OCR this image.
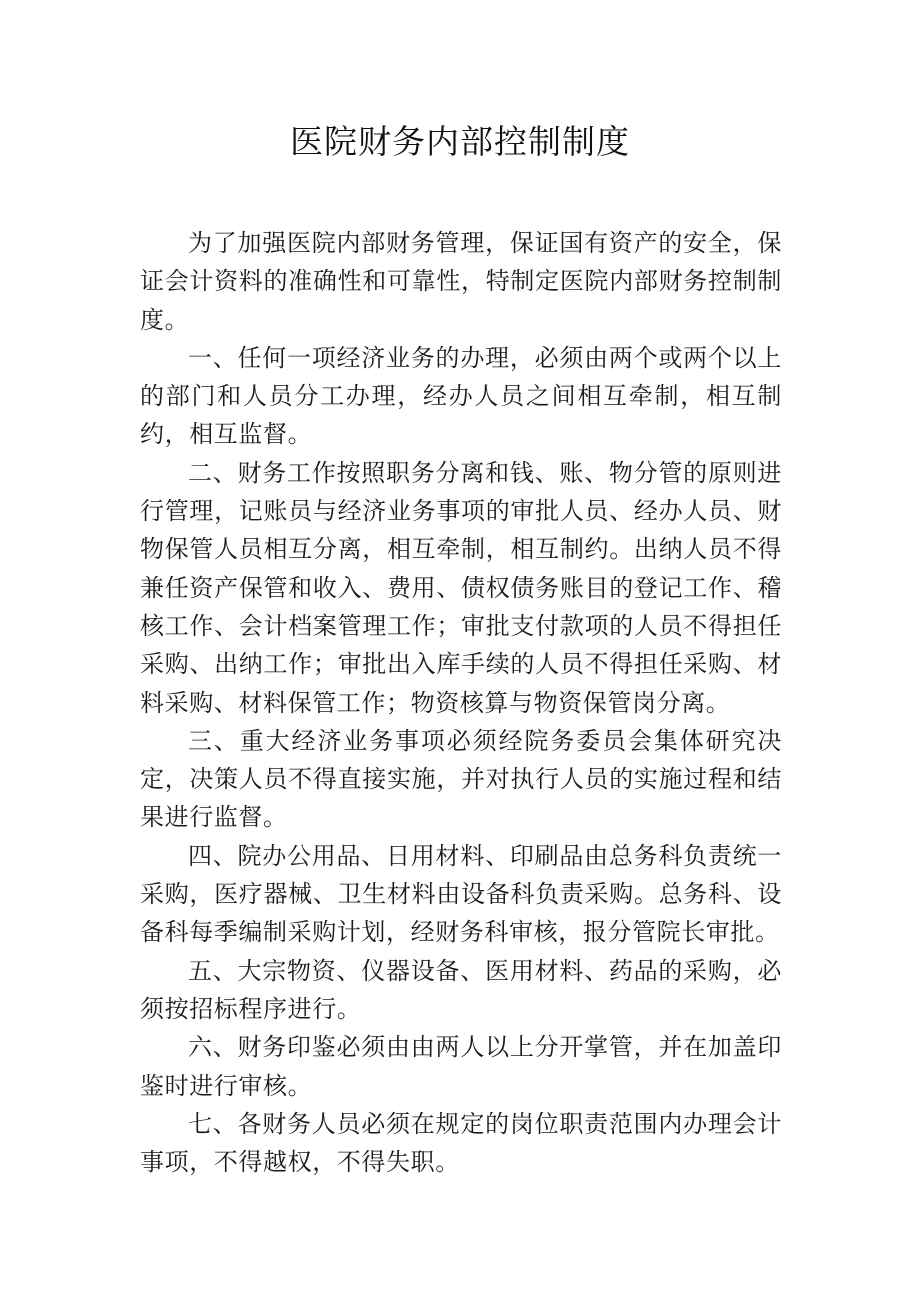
医院财务内部控制制度

为了加强医院内部财务管理，保证国有资产的安全，保证会计资料的准确性和可靠性，特制定医院内部财务控制制度。

一、任何一项经济业务的办理，必须由两个或两个以上的部门和人员分工办理，经办人员之间相互牵制，相互制约，相互监督。

二、财务工作按照职务分离和钱、账、物分管的原则进行管理，记账员与经济业务事项的审批人员、经办人员、财物保管人员相互分离，相互牵制，相互制约。出纳人员不得兼任资产保管和收入、费用、债权债务账目的登记工作、稽核工作、会计档案管理工作；审批支付款项的人员不得担任采购、出纳工作；审批出入库手续的人员不得担任采购、材料采购、材料保管工作；物资核算与物资保管岗分离。

三、重大经济业务事项必须经院务委员会集体研究决定，决策人员不得直接实施，并对执行人员的实施过程和结果进行监督。

四、院办公用品、日用材料、印刷品由总务科负责统一采购，医疗器械、卫生材料由设备科负责采购。总务科、设备科每季编制采购计划，经财务科审核，报分管院长审批。

五、大宗物资、仪器设备、医用材料、药品的采购，必须按招标程序进行。

六、财务印鉴必须由由两人以上分开掌管，并在加盖印鉴时进行审核。

七、各财务人员必须在规定的岗位职责范围内办理会计事项，不得越权，不得失职。
